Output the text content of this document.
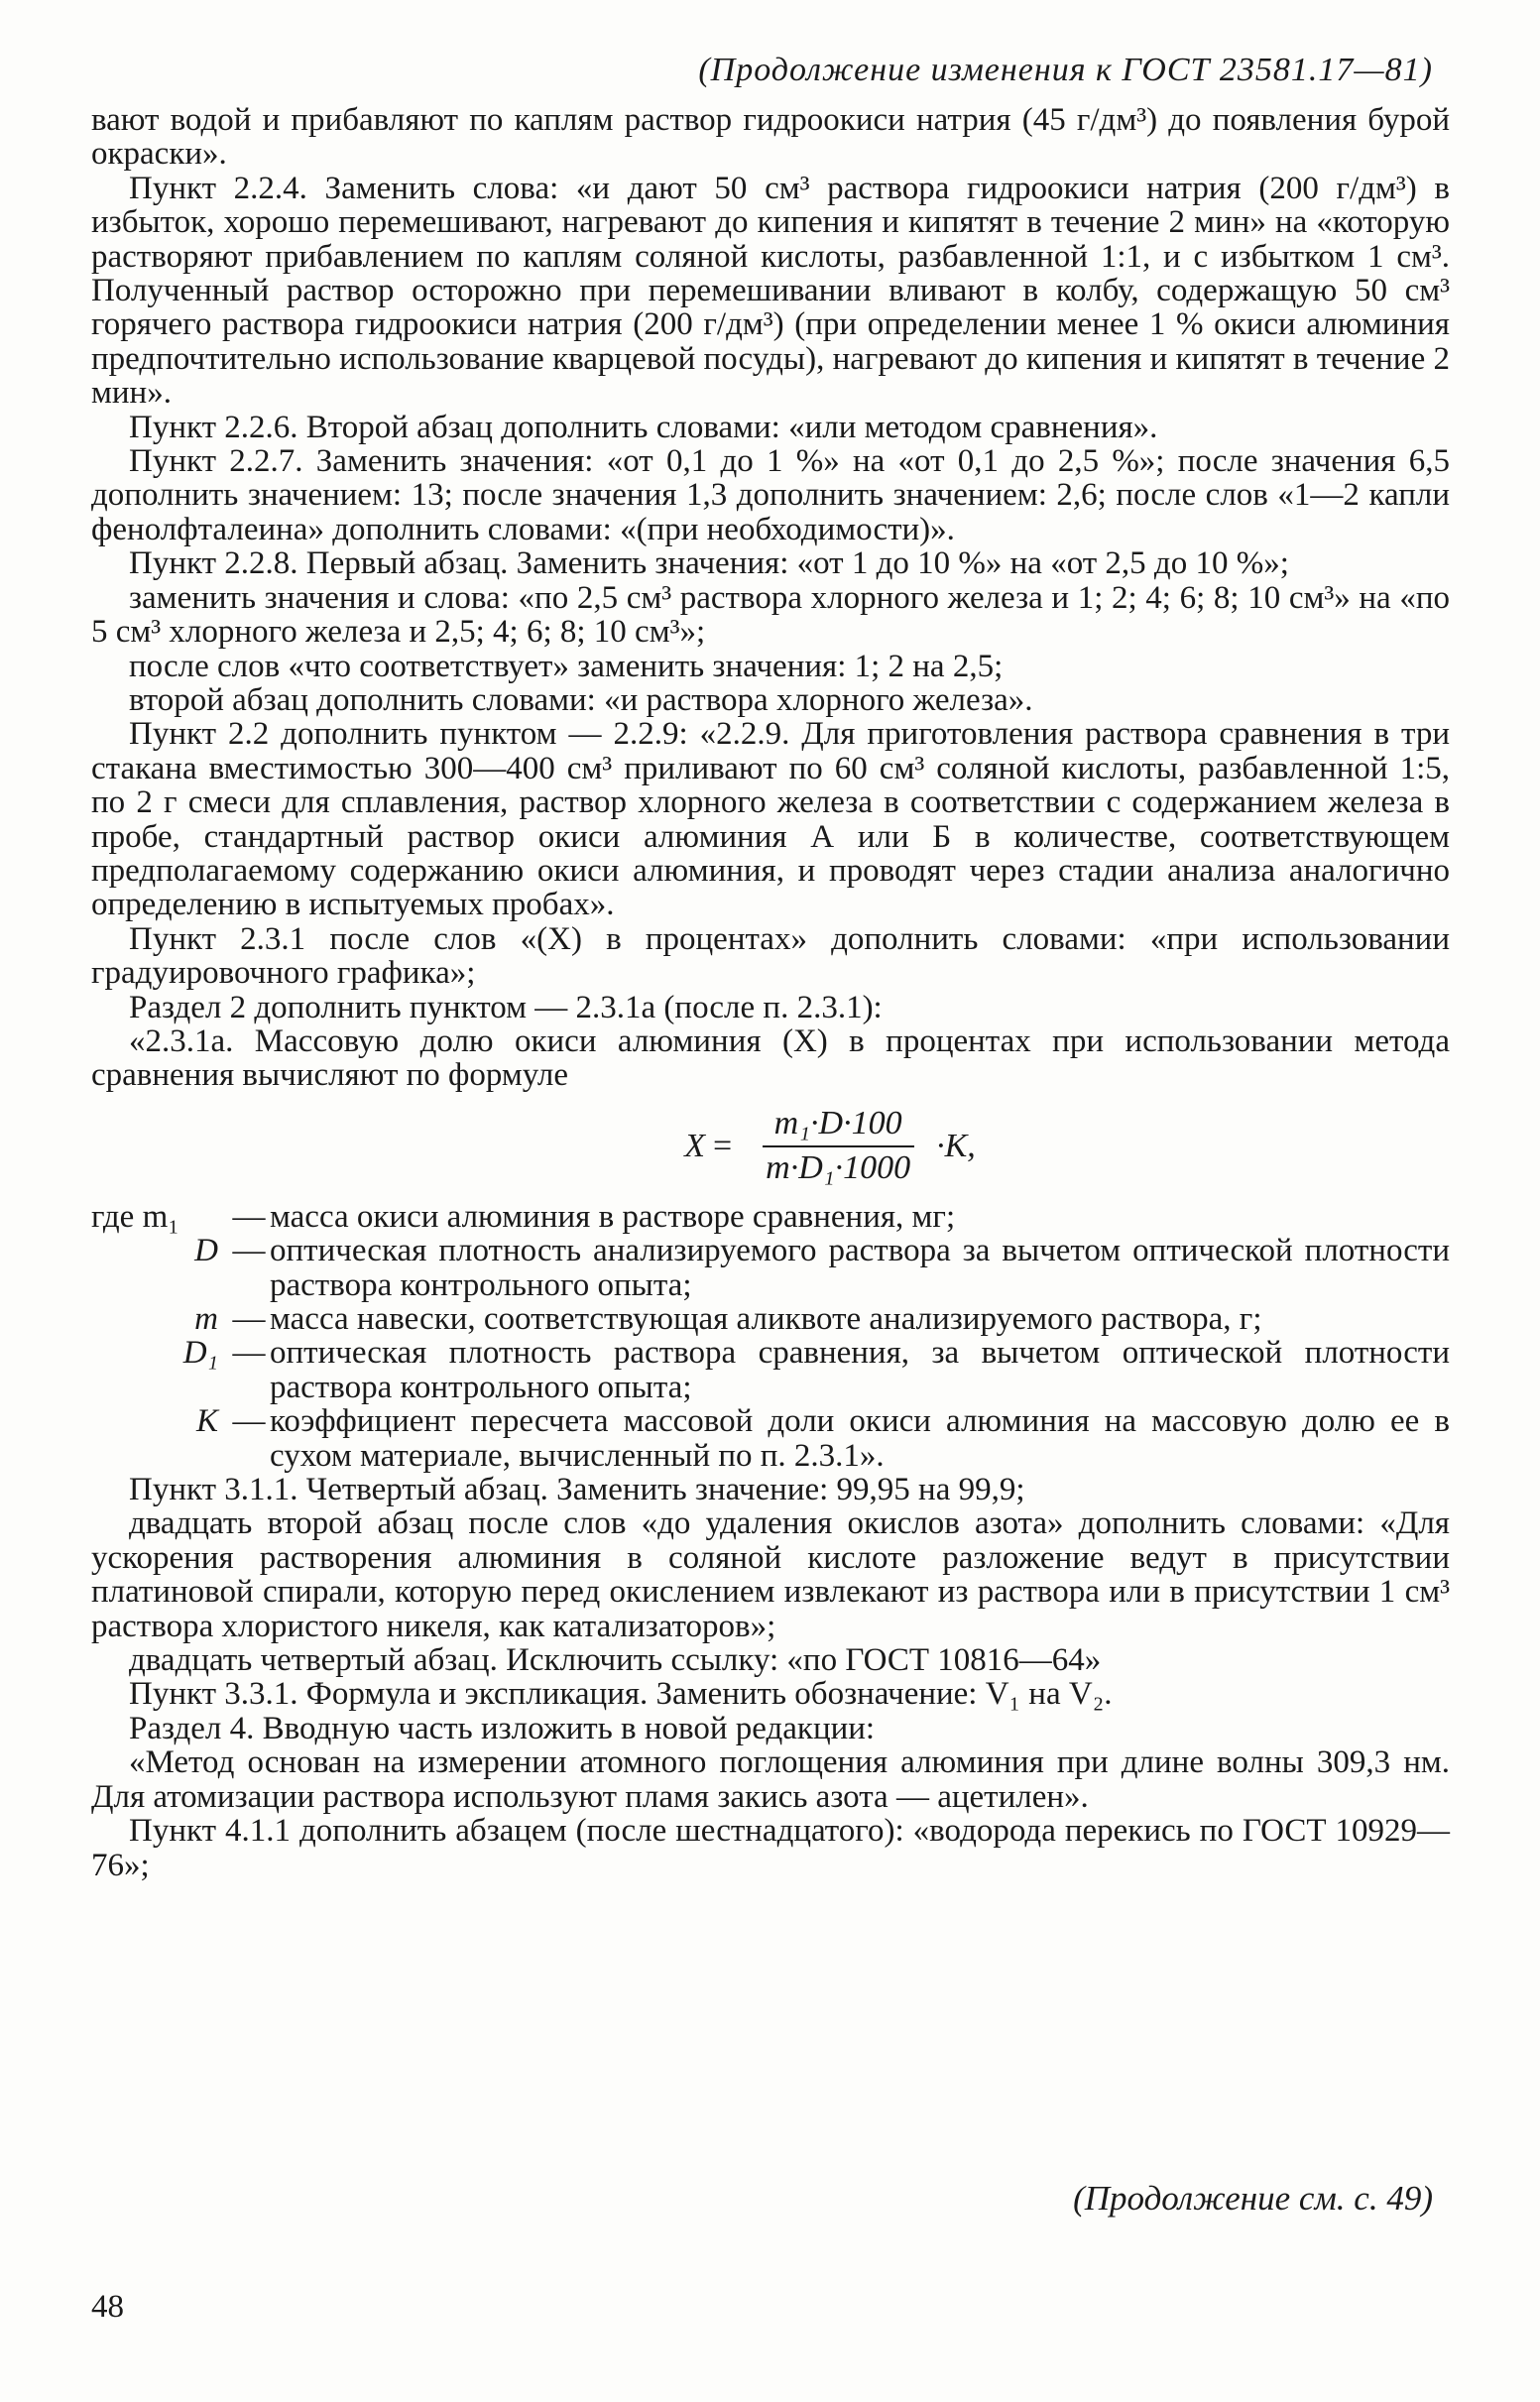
(Продолжение изменения к ГОСТ 23581.17—81)

вают водой и прибавляют по каплям раствор гидроокиси натрия (45 г/дм³) до появления бурой окраски».

Пункт 2.2.4. Заменить слова: «и дают 50 см³ раствора гидроокиси натрия (200 г/дм³) в избыток, хорошо перемешивают, нагревают до кипения и кипятят в течение 2 мин» на «которую растворяют прибавлением по каплям соляной кислоты, разбавленной 1:1, и с избытком 1 см³. Полученный раствор осторожно при перемешивании вливают в колбу, содержащую 50 см³ горячего раствора гидроокиси натрия (200 г/дм³) (при определении менее 1 % окиси алюминия предпочтительно использование кварцевой посуды), нагревают до кипения и кипятят в течение 2 мин».

Пункт 2.2.6. Второй абзац дополнить словами: «или методом сравнения».

Пункт 2.2.7. Заменить значения: «от 0,1 до 1 %» на «от 0,1 до 2,5 %»; после значения 6,5 дополнить значением: 13; после значения 1,3 дополнить значением: 2,6; после слов «1—2 капли фенолфталеина» дополнить словами: «(при необходимости)».

Пункт 2.2.8. Первый абзац. Заменить значения: «от 1 до 10 %» на «от 2,5 до 10 %»;

заменить значения и слова: «по 2,5 см³ раствора хлорного железа и 1; 2; 4; 6; 8; 10 см³» на «по 5 см³ хлорного железа и 2,5; 4; 6; 8; 10 см³»;

после слов «что соответствует» заменить значения: 1; 2 на 2,5;

второй абзац дополнить словами: «и раствора хлорного железа».

Пункт 2.2 дополнить пунктом — 2.2.9: «2.2.9. Для приготовления раствора сравнения в три стакана вместимостью 300—400 см³ приливают по 60 см³ соляной кислоты, разбавленной 1:5, по 2 г смеси для сплавления, раствор хлорного железа в соответствии с содержанием железа в пробе, стандартный раствор окиси алюминия А или Б в количестве, соответствующем предполагаемому содержанию окиси алюминия, и проводят через стадии анализа аналогично определению в испытуемых пробах».

Пункт 2.3.1 после слов «(X) в процентах» дополнить словами: «при использовании градуировочного графика»;

Раздел 2 дополнить пунктом — 2.3.1а (после п. 2.3.1):

«2.3.1а. Массовую долю окиси алюминия (X) в процентах при использовании метода сравнения вычисляют по формуле

$X = \frac{\text{m₁·D·100}}{\text{m·D₁·1000}} \cdot K$,
где m₁	— масса окиси алюминия в растворе сравнения, мг;
D — оптическая плотность анализируемого раствора за вычетом оптической плотности раствора контрольного опыта;
m — масса навески, соответствующая аликвоте анализируемого раствора, г;
D₁ — оптическая плотность раствора сравнения, за вычетом оптической плотности раствора контрольного опыта;
K — коэффициент пересчета массовой доли окиси алюминия на массовую долю ее в сухом материале, вычисленный по п. 2.3.1».

Пункт 3.1.1. Четвертый абзац. Заменить значение: 99,95 на 99,9;

двадцать второй абзац после слов «до удаления окислов азота» дополнить словами: «Для ускорения растворения алюминия в соляной кислоте разложение ведут в присутствии платиновой спирали, которую перед окислением извлекают из раствора или в присутствии 1 см³ раствора хлористого никеля, как катализаторов»;

двадцать четвертый абзац. Исключить ссылку: «по ГОСТ 10816—64»

Пункт 3.3.1. Формула и экспликация. Заменить обозначение: V₁ на V₂.

Раздел 4. Вводную часть изложить в новой редакции:

«Метод основан на измерении атомного поглощения алюминия при длине волны 309,3 нм. Для атомизации раствора используют пламя закись азота — ацетилен».

Пункт 4.1.1 дополнить абзацем (после шестнадцатого): «водорода перекись по ГОСТ 10929—76»;

(Продолжение см. с. 49)
48
